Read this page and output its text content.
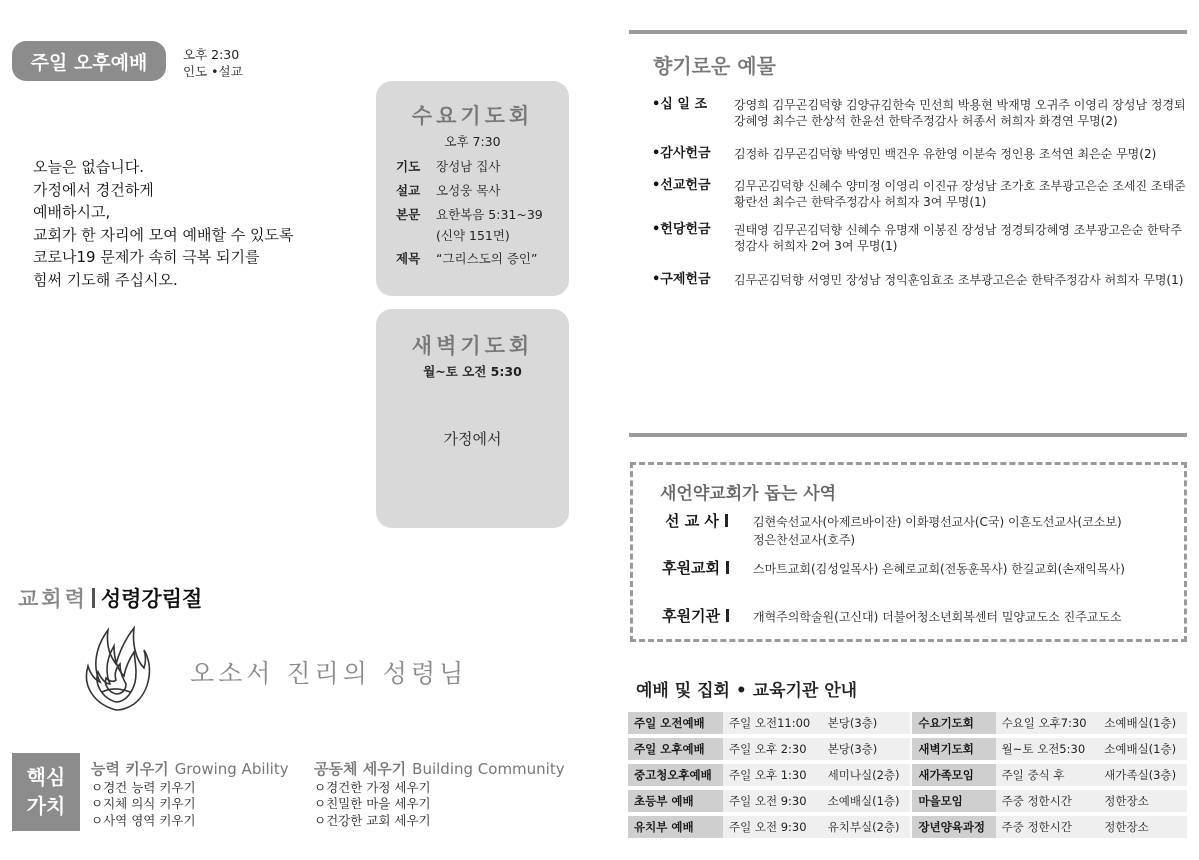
주일 오후예배	오후 2:30
인도 •설교
오늘은 없습니다.
가정에서 경건하게
예배하시고,
교회가 한 자리에 모여 예배할 수 있도록
코로나19 문제가 속히 극복 되기를
힘써 기도해 주십시오.
수요기도회
오후 7:30
기도 장성남 집사
설교 오성웅 목사
본문 요한복음 5:31~39
(신약 151면)
제목 “그리스도의 증인”
새벽기도회
월~토 오전 5:30
가정에서
교회력 성령강림절
오소서 진리의 성령님
핵심
가치
능력 키우기 Growing Ability
ㅇ경건 능력 키우기
ㅇ지체 의식 키우기
ㅇ사역 영역 키우기
공동체 세우기 Building Community
ㅇ경건한 가정 세우기
ㅇ친밀한 마을 세우기
ㅇ건강한 교회 세우기
향기로운 예물
•십 일 조 강영희 김무곤김덕향 김양규김한숙 민선희 박용현 박재명 오귀주 이영리 장성남 정경퇴강혜영 최수근 한상석 한윤선 한탁주정감사 허종서 허희자 화경연 무명(2)
•감사헌금 김정하 김무곤김덕향 박영민 백건우 유한영 이분숙 정인용 조석연 최은순 무명(2)
•선교헌금 김무곤김덕향 신혜수 양미정 이영리 이진규 장성남 조가호 조부광고은순 조세진 조태준황란선 최수근 한탁주정감사 허희자 3여 무명(1)
•헌당헌금 권태영 김무곤김덕향 신혜수 유명재 이봉진 장성남 정경퇴강혜영 조부광고은순 한탁주정감사 허희자 2여 3여 무명(1)
•구제헌금 김무곤김덕향 서영민 장성남 정익훈임효조 조부광고은순 한탁주정감사 허희자 무명(1)
새언약교회가 돕는 사역
선 교 사	김현숙선교사(아제르바이잔) 이화평선교사(C국) 이흔도선교사(코소보)
정은찬선교사(호주)
후원교회	스마트교회(김성일목사) 은혜로교회(전동훈목사) 한길교회(손재익목사)
후원기관	개혁주의학술원(고신대) 더불어청소년회복센터 밀양교도소 진주교도소
예배 및 집회 • 교육기관 안내
주일 오전예배	주일 오전11:00	본당(3층)		수요기도회	수요일 오후7:30	소예배실(1층)
주일 오후예배	주일 오후 2:30	본당(3층)		새벽기도회	월~토 오전5:30	소예배실(1층)
중고청오후예배	주일 오후 1:30	세미나실(2층)		새가족모임	주일 중식 후	새가족실(3층)
초등부 예배	주일 오전 9:30	소예배실(1층)		마을모임	주중 정한시간	정한장소
유치부 예배	주일 오전 9:30	유치부실(2층)		장년양육과정	주중 정한시간	정한장소
